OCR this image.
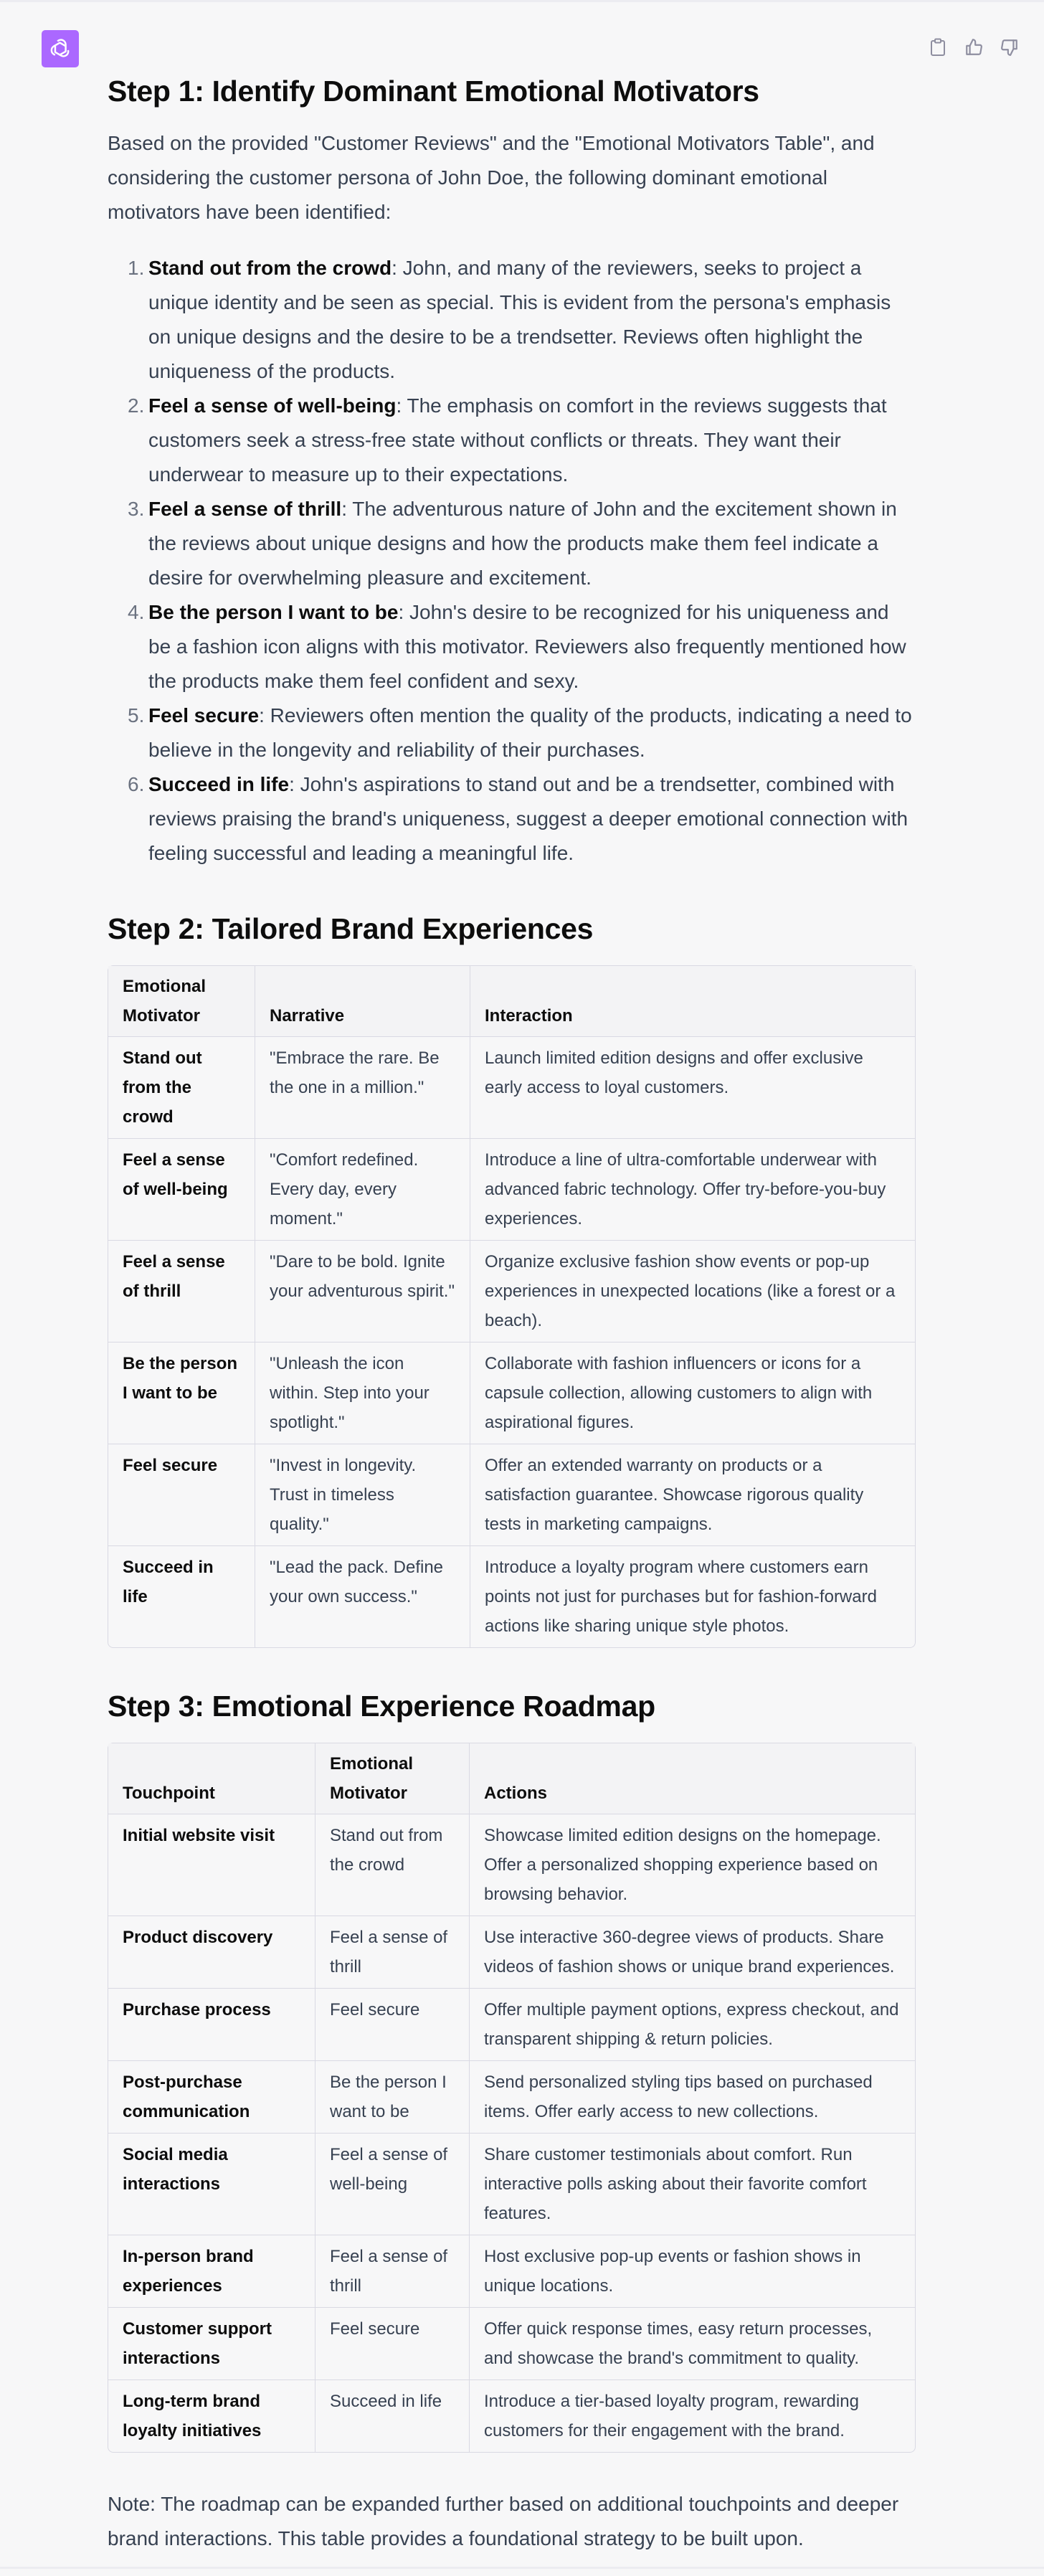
Step 1: Identify Dominant Emotional Motivators

Based on the provided "Customer Reviews" and the "Emotional Motivators Table", and considering the customer persona of John Doe, the following dominant emotional motivators have been identified:

1. Stand out from the crowd: John, and many of the reviewers, seeks to project a unique identity and be seen as special. This is evident from the persona's emphasis on unique designs and the desire to be a trendsetter. Reviews often highlight the uniqueness of the products.
2. Feel a sense of well-being: The emphasis on comfort in the reviews suggests that customers seek a stress-free state without conflicts or threats. They want their underwear to measure up to their expectations.
3. Feel a sense of thrill: The adventurous nature of John and the excitement shown in the reviews about unique designs and how the products make them feel indicate a desire for overwhelming pleasure and excitement.
4. Be the person I want to be: John's desire to be recognized for his uniqueness and be a fashion icon aligns with this motivator. Reviewers also frequently mentioned how the products make them feel confident and sexy.
5. Feel secure: Reviewers often mention the quality of the products, indicating a need to believe in the longevity and reliability of their purchases.
6. Succeed in life: John's aspirations to stand out and be a trendsetter, combined with reviews praising the brand's uniqueness, suggest a deeper emotional connection with feeling successful and leading a meaningful life.
Step 2: Tailored Brand Experiences
Emotional Motivator	Narrative	Interaction
Stand out from the crowd	"Embrace the rare. Be the one in a million."	Launch limited edition designs and offer exclusive early access to loyal customers.
Feel a sense of well-being	"Comfort redefined. Every day, every moment."	Introduce a line of ultra-comfortable underwear with advanced fabric technology. Offer try-before-you-buy experiences.
Feel a sense of thrill	"Dare to be bold. Ignite your adventurous spirit."	Organize exclusive fashion show events or pop-up experiences in unexpected locations (like a forest or a beach).
Be the person I want to be	"Unleash the icon within. Step into your spotlight."	Collaborate with fashion influencers or icons for a capsule collection, allowing customers to align with aspirational figures.
Feel secure	"Invest in longevity. Trust in timeless quality."	Offer an extended warranty on products or a satisfaction guarantee. Showcase rigorous quality tests in marketing campaigns.
Succeed in life	"Lead the pack. Define your own success."	Introduce a loyalty program where customers earn points not just for purchases but for fashion-forward actions like sharing unique style photos.
Step 3: Emotional Experience Roadmap
Touchpoint	Emotional Motivator	Actions
Initial website visit	Stand out from the crowd	Showcase limited edition designs on the homepage. Offer a personalized shopping experience based on browsing behavior.
Product discovery	Feel a sense of thrill	Use interactive 360-degree views of products. Share videos of fashion shows or unique brand experiences.
Purchase process	Feel secure	Offer multiple payment options, express checkout, and transparent shipping & return policies.
Post-purchase communication	Be the person I want to be	Send personalized styling tips based on purchased items. Offer early access to new collections.
Social media interactions	Feel a sense of well-being	Share customer testimonials about comfort. Run interactive polls asking about their favorite comfort features.
In-person brand experiences	Feel a sense of thrill	Host exclusive pop-up events or fashion shows in unique locations.
Customer support interactions	Feel secure	Offer quick response times, easy return processes, and showcase the brand's commitment to quality.
Long-term brand loyalty initiatives	Succeed in life	Introduce a tier-based loyalty program, rewarding customers for their engagement with the brand.

Note: The roadmap can be expanded further based on additional touchpoints and deeper brand interactions. This table provides a foundational strategy to be built upon.
